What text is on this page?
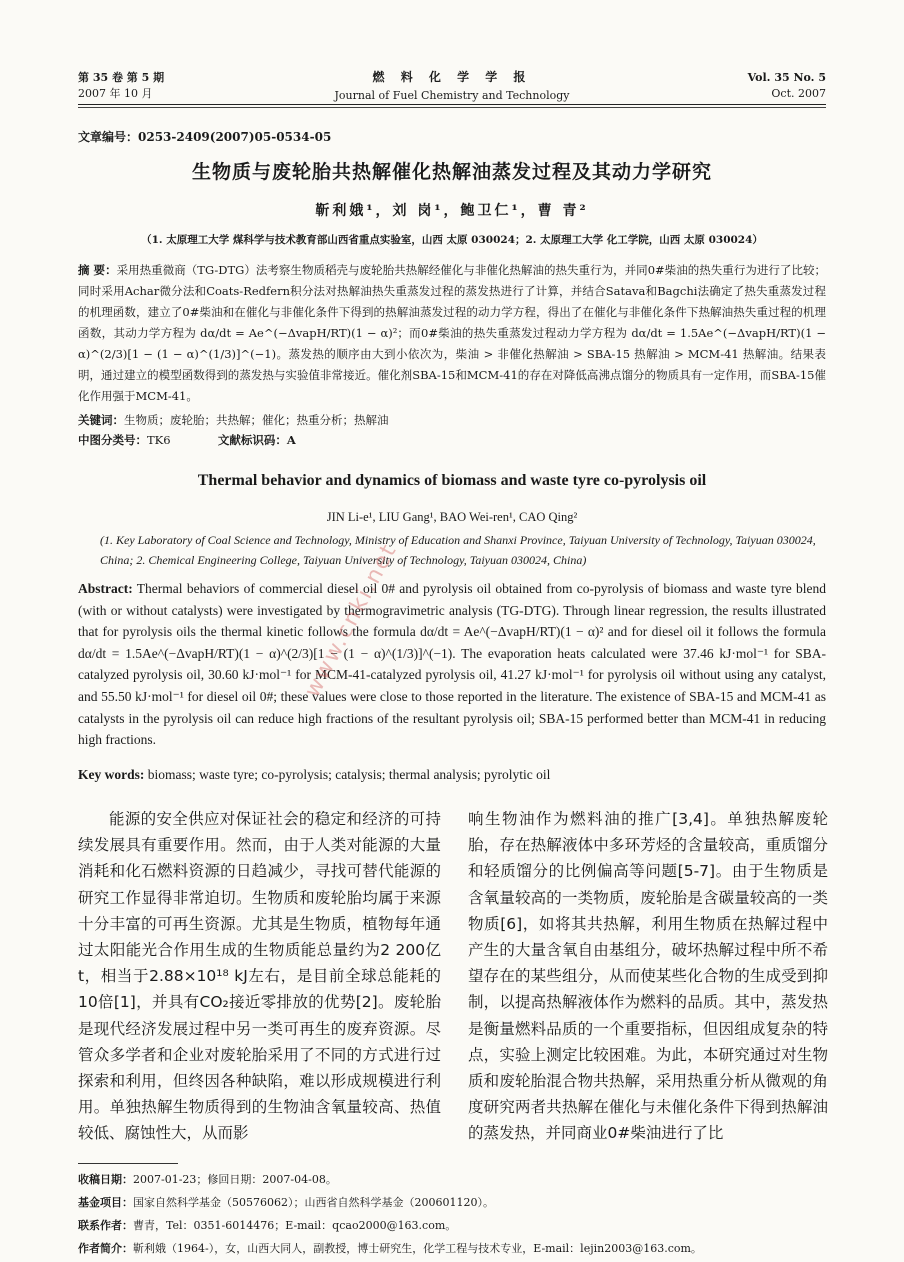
第 35 卷 第 5 期
2007 年 10 月
燃 料 化 学 学 报
Journal of Fuel Chemistry and Technology
Vol. 35 No. 5
Oct. 2007
文章编号：0253-2409(2007)05-0534-05
生物质与废轮胎共热解催化热解油蒸发过程及其动力学研究
靳利娥¹，刘 岗¹，鲍卫仁¹，曹 青²
（1. 太原理工大学 煤科学与技术教育部山西省重点实验室，山西 太原 030024；2. 太原理工大学 化工学院，山西 太原 030024）
摘 要：采用热重微商（TG-DTG）法考察生物质稻壳与废轮胎共热解经催化与非催化热解油的热失重行为，并同0#柴油的热失重行为进行了比较；同时采用Achar微分法和Coats-Redfern积分法对热解油热失重蒸发过程的蒸发热进行了计算，并结合Satava和Bagchi法确定了热失重蒸发过程的机理函数，建立了0#柴油和在催化与非催化条件下得到的热解油蒸发过程的动力学方程，得出了在催化与非催化条件下热解油热失重过程的机理函数，其动力学方程为 dα/dt = Ae^(−ΔvapH/RT)(1 − α)²；而0#柴油的热失重蒸发过程动力学方程为 dα/dt = 1.5Ae^(−ΔvapH/RT)(1 − α)^(2/3)[1 − (1 − α)^(1/3)]^(−1)。蒸发热的顺序由大到小依次为，柴油 > 非催化热解油 > SBA-15 热解油 > MCM-41 热解油。结果表明，通过建立的模型函数得到的蒸发热与实验值非常接近。催化剂SBA-15和MCM-41的存在对降低高沸点馏分的物质具有一定作用，而SBA-15催化作用强于MCM-41。
关键词：生物质；废轮胎；共热解；催化；热重分析；热解油
中图分类号：TK6	文献标识码：A
Thermal behavior and dynamics of biomass and waste tyre co-pyrolysis oil
JIN Li-e¹, LIU Gang¹, BAO Wei-ren¹, CAO Qing²
(1. Key Laboratory of Coal Science and Technology, Ministry of Education and Shanxi Province, Taiyuan University of Technology, Taiyuan 030024, China; 2. Chemical Engineering College, Taiyuan University of Technology, Taiyuan 030024, China)
Abstract: Thermal behaviors of commercial diesel oil 0# and pyrolysis oil obtained from co-pyrolysis of biomass and waste tyre blend (with or without catalysts) were investigated by thermogravimetric analysis (TG-DTG). Through linear regression, the results illustrated that for pyrolysis oils the thermal kinetic follows the formula dα/dt = Ae^(−ΔvapH/RT)(1 − α)² and for diesel oil it follows the formula dα/dt = 1.5Ae^(−ΔvapH/RT)(1 − α)^(2/3)[1 − (1 − α)^(1/3)]^(−1). The evaporation heats calculated were 37.46 kJ·mol⁻¹ for SBA-catalyzed pyrolysis oil, 30.60 kJ·mol⁻¹ for MCM-41-catalyzed pyrolysis oil, 41.27 kJ·mol⁻¹ for pyrolysis oil without using any catalyst, and 55.50 kJ·mol⁻¹ for diesel oil 0#; these values were close to those reported in the literature. The existence of SBA-15 and MCM-41 as catalysts in the pyrolysis oil can reduce high fractions of the resultant pyrolysis oil; SBA-15 performed better than MCM-41 in reducing high fractions.
Key words: biomass; waste tyre; co-pyrolysis; catalysis; thermal analysis; pyrolytic oil
能源的安全供应对保证社会的稳定和经济的可持续发展具有重要作用。然而，由于人类对能源的大量消耗和化石燃料资源的日趋减少，寻找可替代能源的研究工作显得非常迫切。生物质和废轮胎均属于来源十分丰富的可再生资源。尤其是生物质，植物每年通过太阳能光合作用生成的生物质能总量约为2 200亿 t，相当于2.88×10¹⁸ kJ左右，是目前全球总能耗的10倍[1]，并具有CO₂接近零排放的优势[2]。废轮胎是现代经济发展过程中另一类可再生的废弃资源。尽管众多学者和企业对废轮胎采用了不同的方式进行过探索和利用，但终因各种缺陷，难以形成规模进行利用。单独热解生物质得到的生物油含氧量较高、热值较低、腐蚀性大，从而影
响生物油作为燃料油的推广[3,4]。单独热解废轮胎，存在热解液体中多环芳烃的含量较高，重质馏分和轻质馏分的比例偏高等问题[5-7]。由于生物质是含氧量较高的一类物质，废轮胎是含碳量较高的一类物质[6]，如将其共热解，利用生物质在热解过程中产生的大量含氧自由基组分，破坏热解过程中所不希望存在的某些组分，从而使某些化合物的生成受到抑制，以提高热解液体作为燃料的品质。其中，蒸发热是衡量燃料品质的一个重要指标，但因组成复杂的特点，实验上测定比较困难。为此，本研究通过对生物质和废轮胎混合物共热解，采用热重分析从微观的角度研究两者共热解在催化与未催化条件下得到热解油的蒸发热，并同商业0#柴油进行了比
收稿日期：2007-01-23；修回日期：2007-04-08。
基金项目：国家自然科学基金（50576062）；山西省自然科学基金（200601120）。
联系作者：曹青，Tel：0351-6014476；E-mail：qcao2000@163.com。
作者简介：靳利娥（1964-），女，山西大同人，副教授，博士研究生，化学工程与技术专业，E-mail：lejin2003@163.com。
www.cnki.net
